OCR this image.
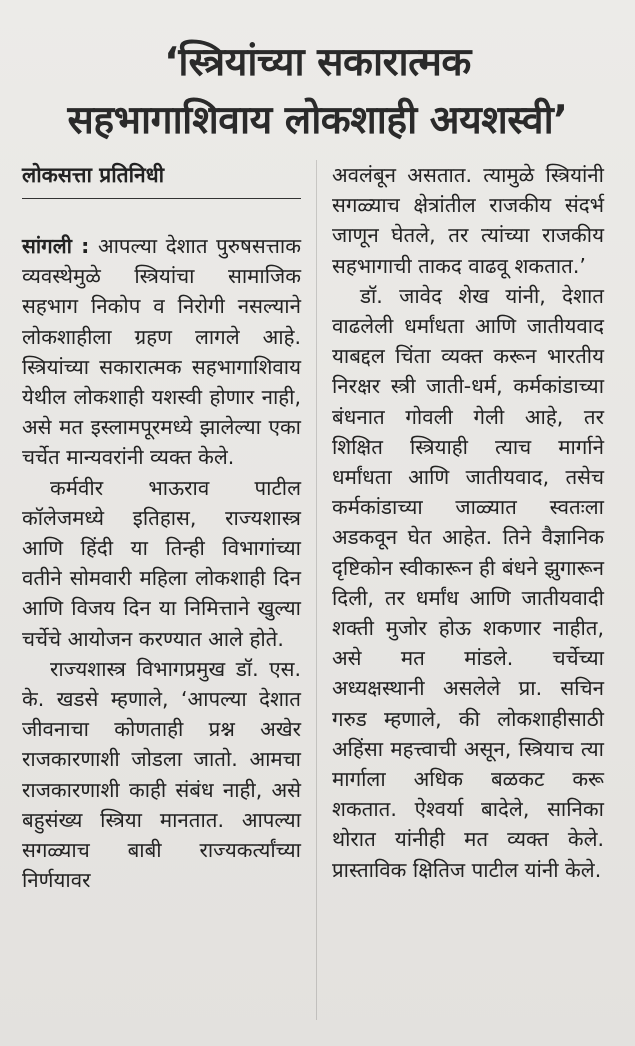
‘स्त्रियांच्या सकारात्मक
सहभागाशिवाय लोकशाही अयशस्वी’
लोकसत्ता प्रतिनिधी

सांगली : आपल्या देशात पुरुषसत्ताक व्यवस्थेमुळे स्त्रियांचा सामाजिक सहभाग निकोप व निरोगी नसल्याने लोकशाहीला ग्रहण लागले आहे. स्त्रियांच्या सकारात्मक सहभागाशिवाय येथील लोकशाही यशस्वी होणार नाही, असे मत इस्लामपूरमध्ये झालेल्या एका चर्चेत मान्यवरांनी व्यक्त केले.

कर्मवीर भाऊराव पाटील कॉलेजमध्ये इतिहास, राज्यशास्त्र आणि हिंदी या तिन्ही विभागांच्या वतीने सोमवारी महिला लोकशाही दिन आणि विजय दिन या निमित्ताने खुल्या चर्चेचे आयोजन करण्यात आले होते.

राज्यशास्त्र विभागप्रमुख डॉ. एस. के. खडसे म्हणाले, ‘आपल्या देशात जीवनाचा कोणताही प्रश्न अखेर राजकारणाशी जोडला जातो. आमचा राजकारणाशी काही संबंध नाही, असे बहुसंख्य स्त्रिया मानतात. आपल्या सगळ्याच बाबी राज्यकर्त्यांच्या निर्णयावर

अवलंबून असतात. त्यामुळे स्त्रियांनी सगळ्याच क्षेत्रांतील राजकीय संदर्भ जाणून घेतले, तर त्यांच्या राजकीय सहभागाची ताकद वाढवू शकतात.’

डॉ. जावेद शेख यांनी, देशात वाढलेली धर्मांधता आणि जातीयवाद याबद्दल चिंता व्यक्त करून भारतीय निरक्षर स्त्री जाती-धर्म, कर्मकांडाच्या बंधनात गोवली गेली आहे, तर शिक्षित स्त्रियाही त्याच मार्गाने धर्मांधता आणि जातीयवाद, तसेच कर्मकांडाच्या जाळ्यात स्वतःला अडकवून घेत आहेत. तिने वैज्ञानिक दृष्टिकोन स्वीकारून ही बंधने झुगारून दिली, तर धर्मांध आणि जातीयवादी शक्ती मुजोर होऊ शकणार नाहीत, असे मत मांडले. चर्चेच्या अध्यक्षस्थानी असलेले प्रा. सचिन गरुड म्हणाले, की लोकशाहीसाठी अहिंसा महत्त्वाची असून, स्त्रियाच त्या मार्गाला अधिक बळकट करू शकतात. ऐश्वर्या बादेले, सानिका थोरात यांनीही मत व्यक्त केले. प्रास्ताविक क्षितिज पाटील यांनी केले.
